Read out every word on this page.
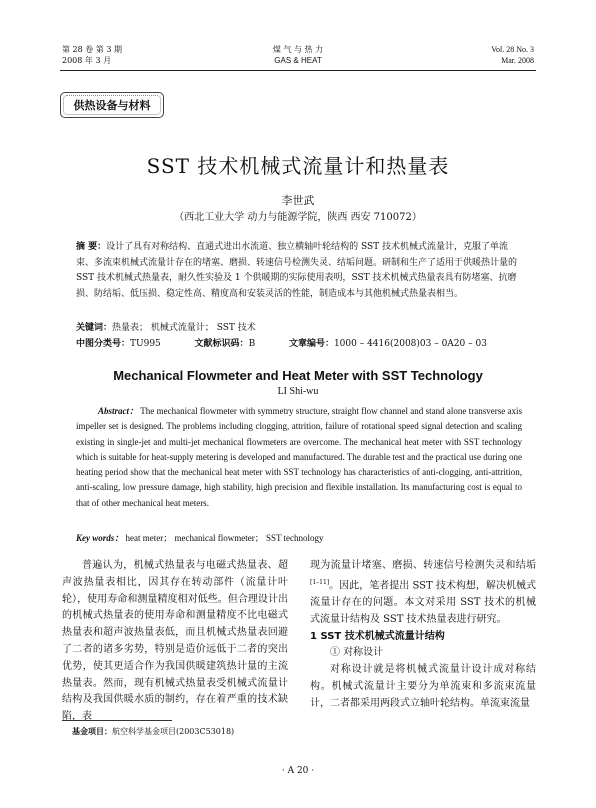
第 28 卷 第 3 期
2008 年 3 月
煤 气 与 热 力
GAS & HEAT
Vol. 28 No. 3
Mar. 2008
供热设备与材料
SST 技术机械式流量计和热量表
李世武
（西北工业大学 动力与能源学院，陕西 西安 710072）
摘 要：设计了具有对称结构、直通式进出水流道、独立横轴叶轮结构的 SST 技术机械式流量计，克服了单流束、多流束机械式流量计存在的堵塞、磨损、转速信号检测失灵、结垢问题。研制和生产了适用于供暖热计量的 SST 技术机械式热量表，耐久性实验及 1 个供暖期的实际使用表明，SST 技术机械式热量表具有防堵塞、抗磨损、防结垢、低压损、稳定性高、精度高和安装灵活的性能，制造成本与其他机械式热量表相当。
关键词：热量表； 机械式流量计； SST 技术
中图分类号：TU995	文献标识码：B	文章编号：1000 – 4416(2008)03 – 0A20 – 03
Mechanical Flowmeter and Heat Meter with SST Technology
LI Shi-wu
Abstract： The mechanical flowmeter with symmetry structure, straight flow channel and stand alone transverse axis impeller set is designed. The problems including clogging, attrition, failure of rotational speed signal detection and scaling existing in single-jet and multi-jet mechanical flowmeters are overcome. The mechanical heat meter with SST technology which is suitable for heat-supply metering is developed and manufactured. The durable test and the practical use during one heating period show that the mechanical heat meter with SST technology has characteristics of anti-clogging, anti-attrition, anti-scaling, low pressure damage, high stability, high precision and flexible installation. Its manufacturing cost is equal to that of other mechanical heat meters.
Key words： heat meter； mechanical flowmeter； SST technology

普遍认为，机械式热量表与电磁式热量表、超声波热量表相比，因其存在转动部件（流量计叶轮），使用寿命和测量精度相对低些。但合理设计出的机械式热量表的使用寿命和测量精度不比电磁式热量表和超声波热量表低，而且机械式热量表回避了二者的诸多劣势，特别是造价远低于二者的突出优势，使其更适合作为我国供暖建筑热计量的主流热量表。然而，现有机械式热量表受机械式流量计结构及我国供暖水质的制约，存在着严重的技术缺陷，表

现为流量计堵塞、磨损、转速信号检测失灵和结垢[1–11]。因此，笔者提出 SST 技术构想，解决机械式流量计存在的问题。本文对采用 SST 技术的机械式流量计结构及 SST 技术热量表进行研究。

1 SST 技术机械式流量计结构

① 对称设计

对称设计就是将机械式流量计设计成对称结构。机械式流量计主要分为单流束和多流束流量计，二者都采用两段式立轴叶轮结构。单流束流量

基金项目：航空科学基金项目(2003C53018)
· A 20 ·
